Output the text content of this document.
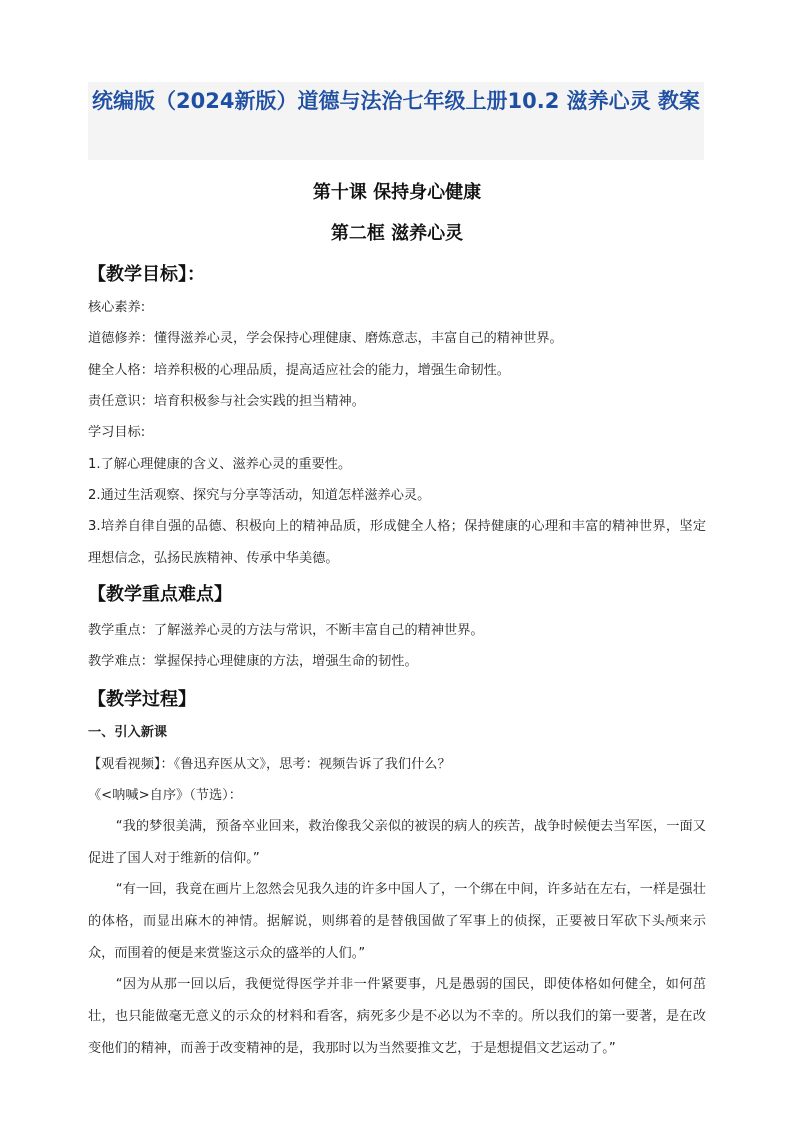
统编版（2024新版）道德与法治七年级上册10.2 滋养心灵 教案
第十课 保持身心健康
第二框 滋养心灵
【教学目标】：
核心素养:
道德修养：懂得滋养心灵，学会保持心理健康、磨炼意志，丰富自己的精神世界。
健全人格：培养积极的心理品质，提高适应社会的能力，增强生命韧性。
责任意识：培育积极参与社会实践的担当精神。
学习目标:
1.了解心理健康的含义、滋养心灵的重要性。
2.通过生活观察、探究与分享等活动，知道怎样滋养心灵。
3.培养自律自强的品德、积极向上的精神品质，形成健全人格；保持健康的心理和丰富的精神世界，坚定理想信念，弘扬民族精神、传承中华美德。
【教学重点难点】
教学重点：了解滋养心灵的方法与常识，不断丰富自己的精神世界。
教学难点：掌握保持心理健康的方法，增强生命的韧性。
【教学过程】
一、引入新课
【观看视频】：《鲁迅弃医从文》，思考：视频告诉了我们什么？
《<呐喊>自序》（节选）：
“我的梦很美满，预备卒业回来，救治像我父亲似的被误的病人的疾苦，战争时候便去当军医，一面又促进了国人对于维新的信仰。”
“有一回，我竟在画片上忽然会见我久违的许多中国人了，一个绑在中间，许多站在左右，一样是强壮的体格，而显出麻木的神情。据解说，则绑着的是替俄国做了军事上的侦探，正要被日军砍下头颅来示众，而围着的便是来赏鉴这示众的盛举的人们。”
“因为从那一回以后，我便觉得医学并非一件紧要事，凡是愚弱的国民，即使体格如何健全，如何茁壮，也只能做毫无意义的示众的材料和看客，病死多少是不必以为不幸的。所以我们的第一要著，是在改变他们的精神，而善于改变精神的是，我那时以为当然要推文艺，于是想提倡文艺运动了。”
